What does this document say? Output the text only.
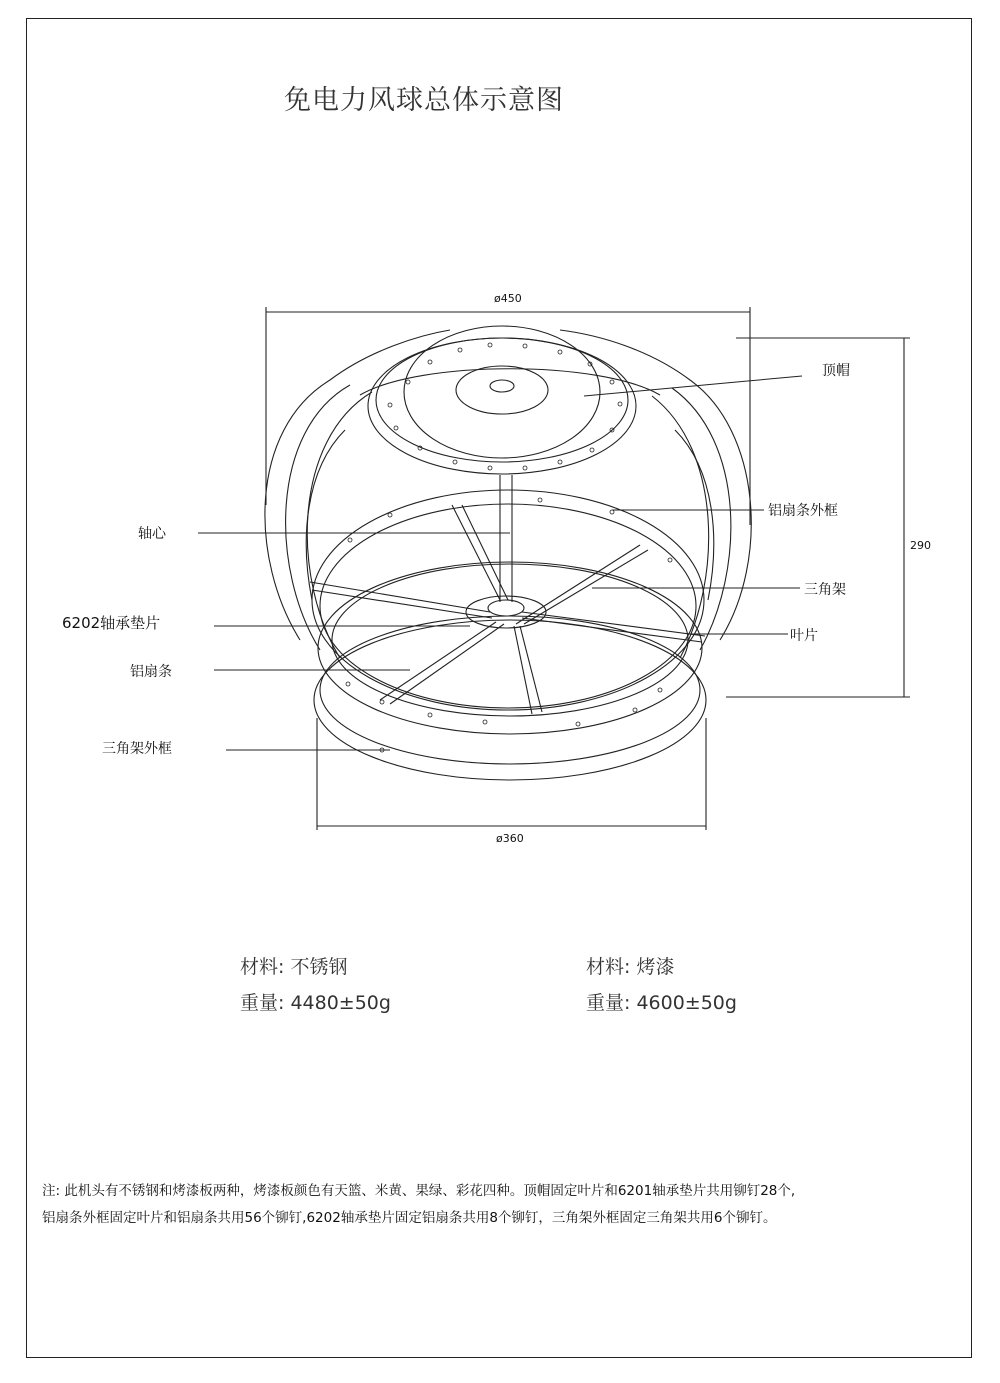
免电力风球总体示意图
ø450
290
ø360
顶帽
铝扇条外框
轴心
三角架
叶片
6202轴承垫片
铝扇条
三角架外框
材料: 不锈钢
重量: 4480±50g
材料: 烤漆
重量: 4600±50g
注: 此机头有不锈钢和烤漆板两种，烤漆板颜色有天篮、米黄、果绿、彩花四种。顶帽固定叶片和6201轴承垫片共用铆钉28个,铝扇条外框固定叶片和铝扇条共用56个铆钉,6202轴承垫片固定铝扇条共用8个铆钉，三角架外框固定三角架共用6个铆钉。
